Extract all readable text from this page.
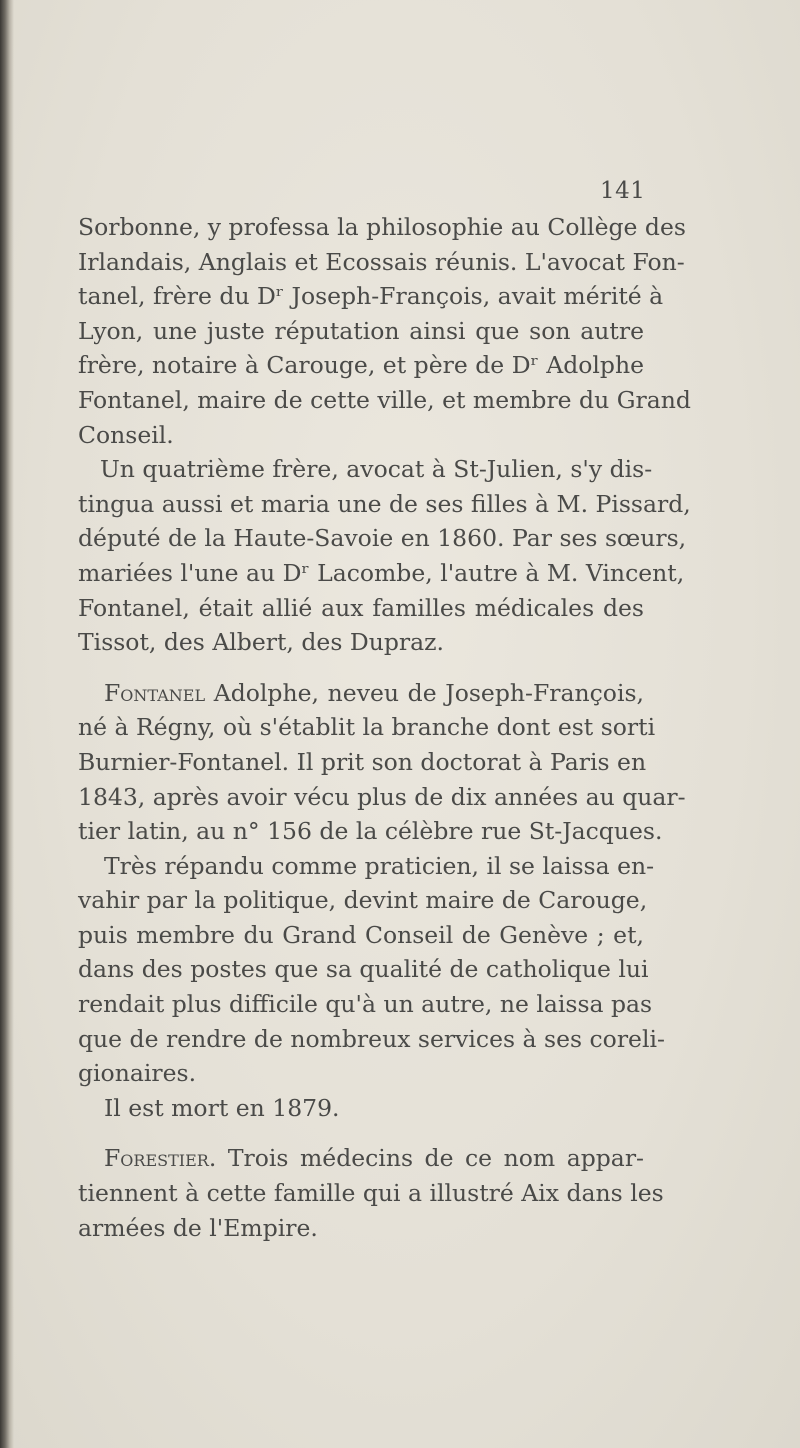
141
Sorbonne, y professa la philosophie au Collège des
Irlandais, Anglais et Ecossais réunis. L'avocat Fon-
tanel, frère du Dʳ Joseph-François, avait mérité à
Lyon, une juste réputation ainsi que son autre
frère, notaire à Carouge, et père de Dʳ Adolphe
Fontanel, maire de cette ville, et membre du Grand
Conseil.
Un quatrième frère, avocat à St-Julien, s'y dis-
tingua aussi et maria une de ses filles à M. Pissard,
député de la Haute-Savoie en 1860. Par ses sœurs,
mariées l'une au Dʳ Lacombe, l'autre à M. Vincent,
Fontanel, était allié aux familles médicales des
Tissot, des Albert, des Dupraz.
Fontanel Adolphe, neveu de Joseph-François,
né à Régny, où s'établit la branche dont est sorti
Burnier-Fontanel. Il prit son doctorat à Paris en
1843, après avoir vécu plus de dix années au quar-
tier latin, au n° 156 de la célèbre rue St-Jacques.
Très répandu comme praticien, il se laissa en-
vahir par la politique, devint maire de Carouge,
puis membre du Grand Conseil de Genève ; et,
dans des postes que sa qualité de catholique lui
rendait plus difficile qu'à un autre, ne laissa pas
que de rendre de nombreux services à ses coreli-
gionaires.
Il est mort en 1879.
Forestier. Trois médecins de ce nom appar-
tiennent à cette famille qui a illustré Aix dans les
armées de l'Empire.
